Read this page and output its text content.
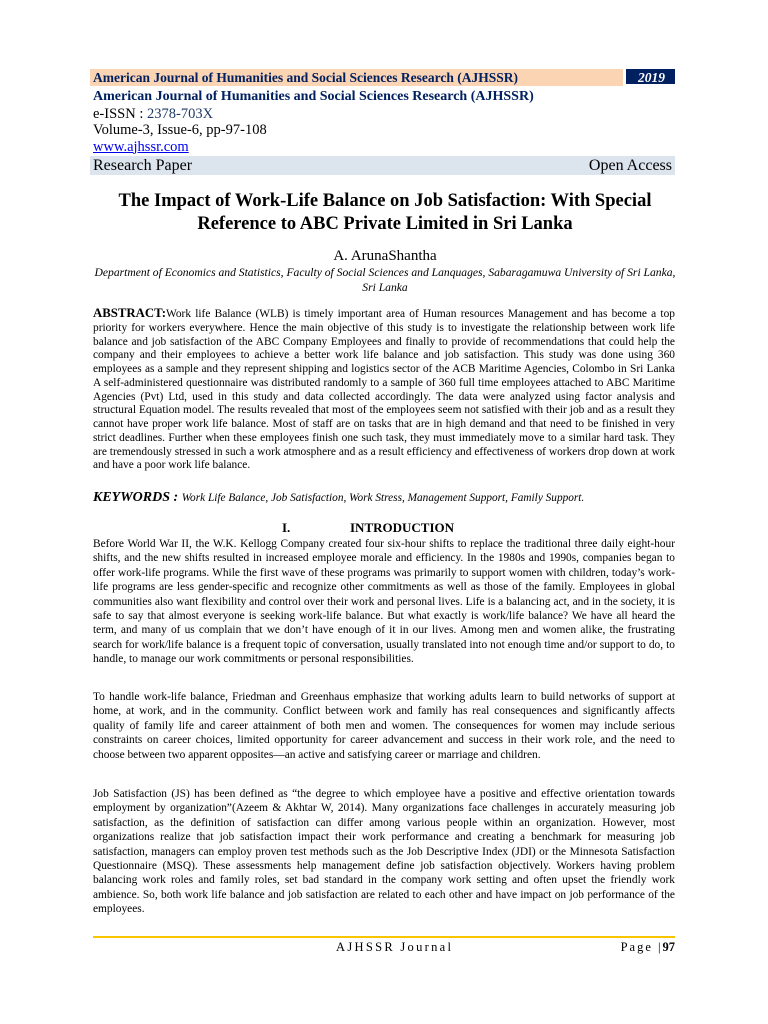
American Journal of Humanities and Social Sciences Research (AJHSSR)	2019
American Journal of Humanities and Social Sciences Research (AJHSSR)
e-ISSN : 2378-703X
Volume-3, Issue-6, pp-97-108
www.ajhssr.com
Research Paper	Open Access
The Impact of Work-Life Balance on Job Satisfaction: With Special Reference to ABC Private Limited in Sri Lanka
A. ArunaShantha
Department of Economics and Statistics, Faculty of Social Sciences and Lanquages, Sabaragamuwa University of Sri Lanka, Sri Lanka
ABSTRACT:Work life Balance (WLB) is timely important area of Human resources Management and has become a top priority for workers everywhere. Hence the main objective of this study is to investigate the relationship between work life balance and job satisfaction of the ABC Company Employees and finally to provide of recommendations that could help the company and their employees to achieve a better work life balance and job satisfaction. This study was done using 360 employees as a sample and they represent shipping and logistics sector of the ACB Maritime Agencies, Colombo in Sri Lanka A self-administered questionnaire was distributed randomly to a sample of 360 full time employees attached to ABC Maritime Agencies (Pvt) Ltd, used in this study and data collected accordingly. The data were analyzed using factor analysis and structural Equation model. The results revealed that most of the employees seem not satisfied with their job and as a result they cannot have proper work life balance. Most of staff are on tasks that are in high demand and that need to be finished in very strict deadlines. Further when these employees finish one such task, they must immediately move to a similar hard task. They are tremendously stressed in such a work atmosphere and as a result efficiency and effectiveness of workers drop down at work and have a poor work life balance.
KEYWORDS : Work Life Balance, Job Satisfaction, Work Stress, Management Support, Family Support.
I.	INTRODUCTION

Before World War II, the W.K. Kellogg Company created four six-hour shifts to replace the traditional three daily eight-hour shifts, and the new shifts resulted in increased employee morale and efficiency. In the 1980s and 1990s, companies began to offer work-life programs. While the first wave of these programs was primarily to support women with children, today’s work-life programs are less gender-specific and recognize other commitments as well as those of the family. Employees in global communities also want flexibility and control over their work and personal lives. Life is a balancing act, and in the society, it is safe to say that almost everyone is seeking work-life balance. But what exactly is work/life balance? We have all heard the term, and many of us complain that we don’t have enough of it in our lives. Among men and women alike, the frustrating search for work/life balance is a frequent topic of conversation, usually translated into not enough time and/or support to do, to handle, to manage our work commitments or personal responsibilities.

To handle work-life balance, Friedman and Greenhaus emphasize that working adults learn to build networks of support at home, at work, and in the community. Conflict between work and family has real consequences and significantly affects quality of family life and career attainment of both men and women. The consequences for women may include serious constraints on career choices, limited opportunity for career advancement and success in their work role, and the need to choose between two apparent opposites—an active and satisfying career or marriage and children.

Job Satisfaction (JS) has been defined as “the degree to which employee have a positive and effective orientation towards employment by organization”(Azeem & Akhtar W, 2014). Many organizations face challenges in accurately measuring job satisfaction, as the definition of satisfaction can differ among various people within an organization. However, most organizations realize that job satisfaction impact their work performance and creating a benchmark for measuring job satisfaction, managers can employ proven test methods such as the Job Descriptive Index (JDI) or the Minnesota Satisfaction Questionnaire (MSQ). These assessments help management define job satisfaction objectively. Workers having problem balancing work roles and family roles, set bad standard in the company work setting and often upset the friendly work ambience. So, both work life balance and job satisfaction are related to each other and have impact on job performance of the employees.

AJHSSR Journal	Page |97
